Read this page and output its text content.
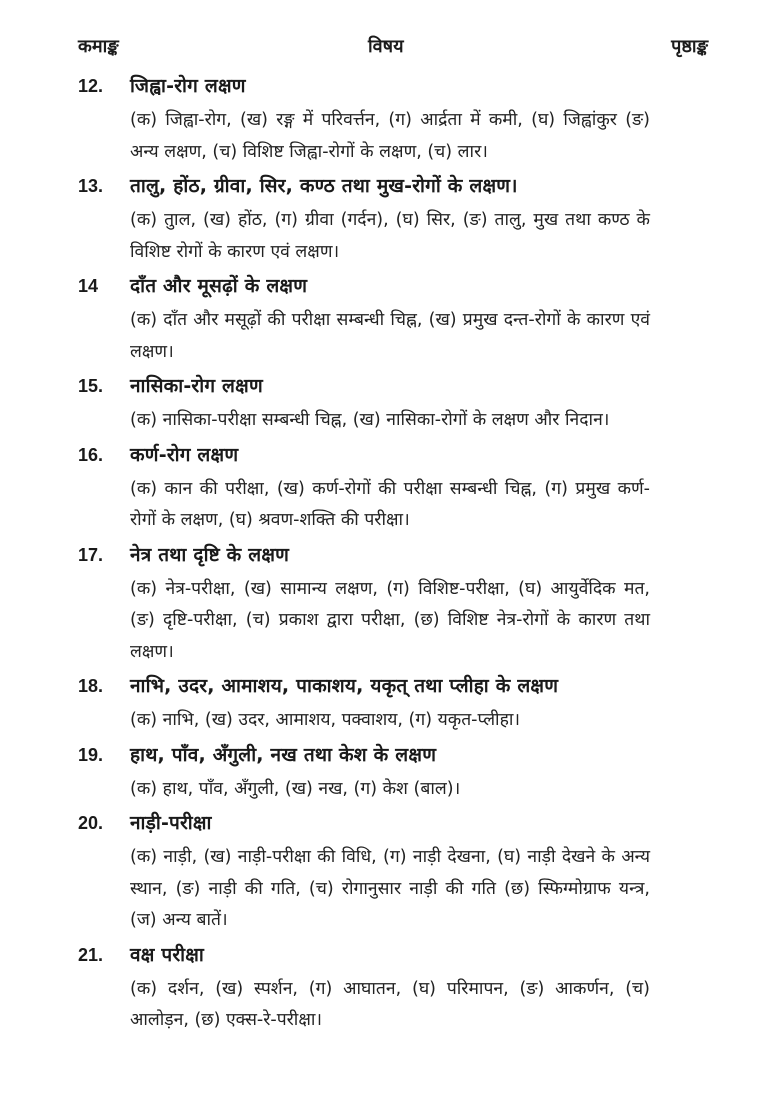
कमाङ्क	विषय	पृष्ठाङ्क
12.	जिह्वा-रोग लक्षण
(क) जिह्वा-रोग, (ख) रङ्ग में परिवर्त्तन, (ग) आर्द्रता में कमी, (घ) जिह्वांकुर (ङ) अन्य लक्षण, (च) विशिष्ट जिह्वा-रोगों के लक्षण, (च) लार।
13.	तालु, होंठ, ग्रीवा, सिर, कण्ठ तथा मुख-रोगों के लक्षण।
(क) तुाल, (ख) होंठ, (ग) ग्रीवा (गर्दन), (घ) सिर, (ङ) तालु, मुख तथा कण्ठ के विशिष्ट रोगों के कारण एवं लक्षण।
14	दाँत और मूसढ़ों के लक्षण
(क) दाँत और मसूढ़ों की परीक्षा सम्बन्धी चिह्न, (ख) प्रमुख दन्त-रोगों के कारण एवं लक्षण।
15.	नासिका-रोग लक्षण
(क) नासिका-परीक्षा सम्बन्धी चिह्न, (ख) नासिका-रोगों के लक्षण और निदान।
16.	कर्ण-रोग लक्षण
(क) कान की परीक्षा, (ख) कर्ण-रोगों की परीक्षा सम्बन्धी चिह्न, (ग) प्रमुख कर्ण-रोगों के लक्षण, (घ) श्रवण-शक्ति की परीक्षा।
17.	नेत्र तथा दृष्टि के लक्षण
(क) नेत्र-परीक्षा, (ख) सामान्य लक्षण, (ग) विशिष्ट-परीक्षा, (घ) आयुर्वेदिक मत, (ङ) दृष्टि-परीक्षा, (च) प्रकाश द्वारा परीक्षा, (छ) विशिष्ट नेत्र-रोगों के कारण तथा लक्षण।
18.	नाभि, उदर, आमाशय, पाकाशय, यकृत् तथा प्लीहा के लक्षण
(क) नाभि, (ख) उदर, आमाशय, पक्वाशय, (ग) यकृत-प्लीहा।
19.	हाथ, पाँव, अँगुली, नख तथा केश के लक्षण
(क) हाथ, पाँव, अँगुली, (ख) नख, (ग) केश (बाल)।
20.	नाड़ी-परीक्षा
(क) नाड़ी, (ख) नाड़ी-परीक्षा की विधि, (ग) नाड़ी देखना, (घ) नाड़ी देखने के अन्य स्थान, (ङ) नाड़ी की गति, (च) रोगानुसार नाड़ी की गति (छ) स्फिग्मोग्राफ यन्त्र, (ज) अन्य बातें।
21.	वक्ष परीक्षा
(क) दर्शन, (ख) स्पर्शन, (ग) आघातन, (घ) परिमापन, (ङ) आकर्णन, (च) आलोड़न, (छ) एक्स-रे-परीक्षा।
